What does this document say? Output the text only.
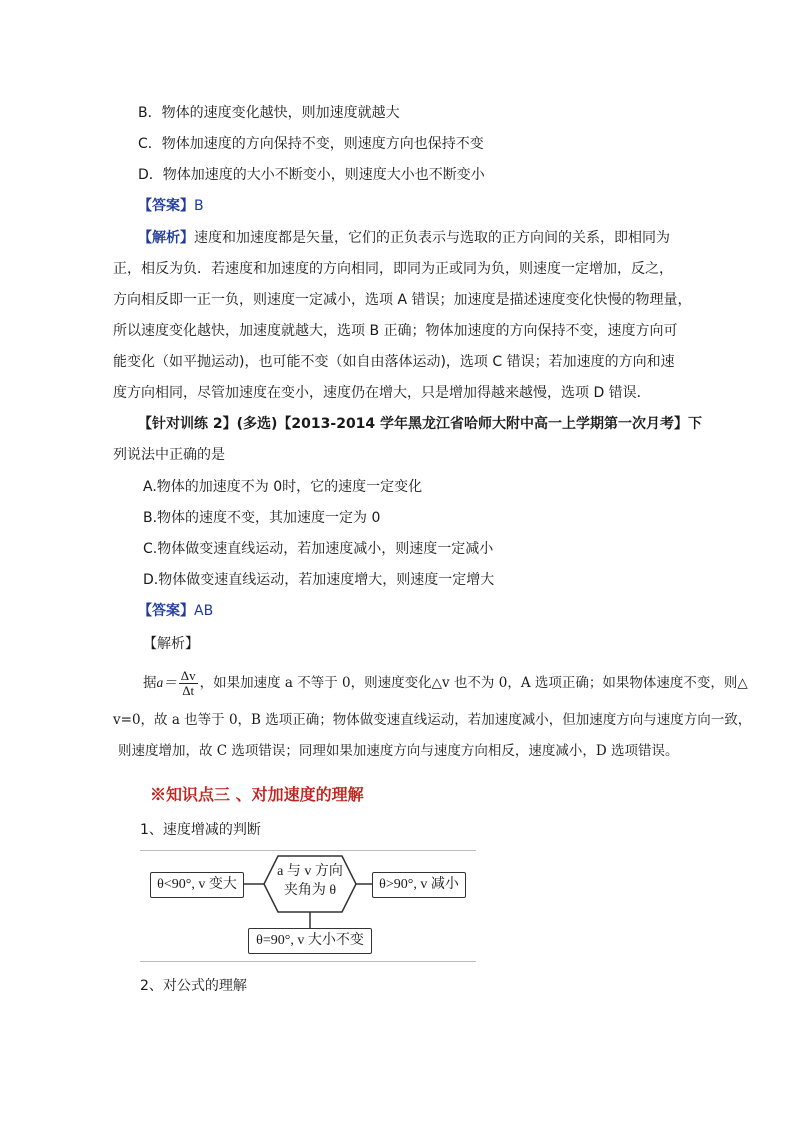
B．物体的速度变化越快，则加速度就越大
C．物体加速度的方向保持不变，则速度方向也保持不变
D．物体加速度的大小不断变小，则速度大小也不断变小
【答案】B
【解析】速度和加速度都是矢量，它们的正负表示与选取的正方向间的关系，即相同为
正，相反为负．若速度和加速度的方向相同，即同为正或同为负，则速度一定增加，反之，
方向相反即一正一负，则速度一定减小，选项 A 错误；加速度是描述速度变化快慢的物理量，
所以速度变化越快，加速度就越大，选项 B 正确；物体加速度的方向保持不变，速度方向可
能变化（如平抛运动)，也可能不变（如自由落体运动)，选项 C 错误；若加速度的方向和速
度方向相同，尽管加速度在变小，速度仍在增大，只是增加得越来越慢，选项 D 错误．
【针对训练 2】(多选)【2013-2014 学年黑龙江省哈师大附中高一上学期第一次月考】下
列说法中正确的是
A.物体的加速度不为 0时，它的速度一定变化
B.物体的速度不变，其加速度一定为 0
C.物体做变速直线运动，若加速度减小，则速度一定减小
D.物体做变速直线运动，若加速度增大，则速度一定增大
【答案】AB
【解析】
据$a= \frac{\Delta v}{\Delta t}$ ，如果加速度 a 不等于 0，则速度变化△v 也不为 0，A 选项正确；如果物体速度不变，则△
v=0，故 a 也等于 0，B 选项正确；物体做变速直线运动，若加速度减小，但加速度方向与速度方向一致，
则速度增加，故 C 选项错误；同理如果加速度方向与速度方向相反，速度减小，D 选项错误。
※知识点三 、对加速度的理解
1、速度增减的判断
a 与 v 方向
夹角为 θ
θ<90°, v 变大	θ>90°, v 减小
θ=90°, v 大小不变
2、对公式的理解
